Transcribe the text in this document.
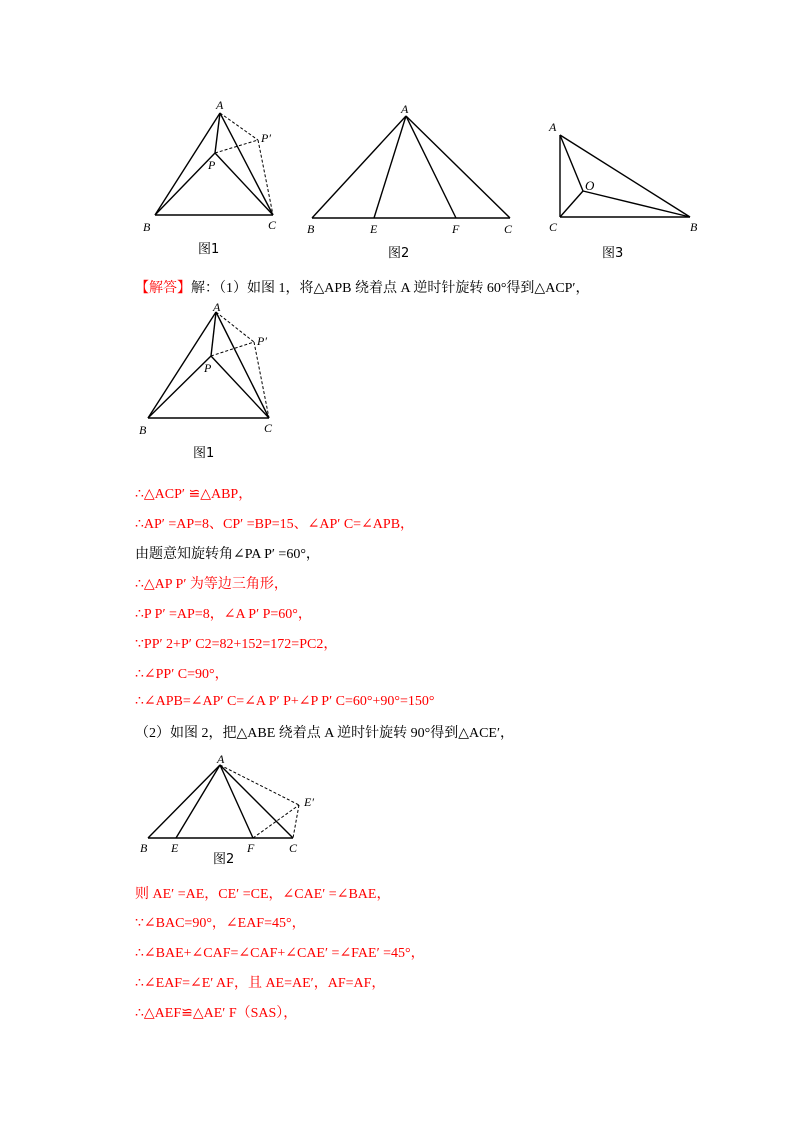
A
P
P′
B	C
图1
A
B	E	F	C
图2
A
O
C	B
图3
【解答】解：（1）如图 1，将△APB 绕着点 A 逆时针旋转 60°得到△ACP′，
A
P
P′
B	C
图1
∴△ACP′ ≌△ABP，
∴AP′ =AP=8、CP′ =BP=15、∠AP′ C=∠APB，
由题意知旋转角∠PA P′ =60°，
∴△AP P′ 为等边三角形，
∴P P′ =AP=8，∠A P′ P=60°，
∵PP′ 2+P′ C2=82+152=172=PC2，
∴∠PP′ C=90°，
∴∠APB=∠AP′ C=∠A P′ P+∠P P′ C=60°+90°=150°
（2）如图 2，把△ABE 绕着点 A 逆时针旋转 90°得到△ACE′，
A
E′
B E	F	C
图2
则 AE′ =AE，CE′ =CE，∠CAE′ =∠BAE，
∵∠BAC=90°，∠EAF=45°，
∴∠BAE+∠CAF=∠CAF+∠CAE′ =∠FAE′ =45°，
∴∠EAF=∠E′ AF，且 AE=AE′，AF=AF，
∴△AEF≌△AE′ F（SAS），
